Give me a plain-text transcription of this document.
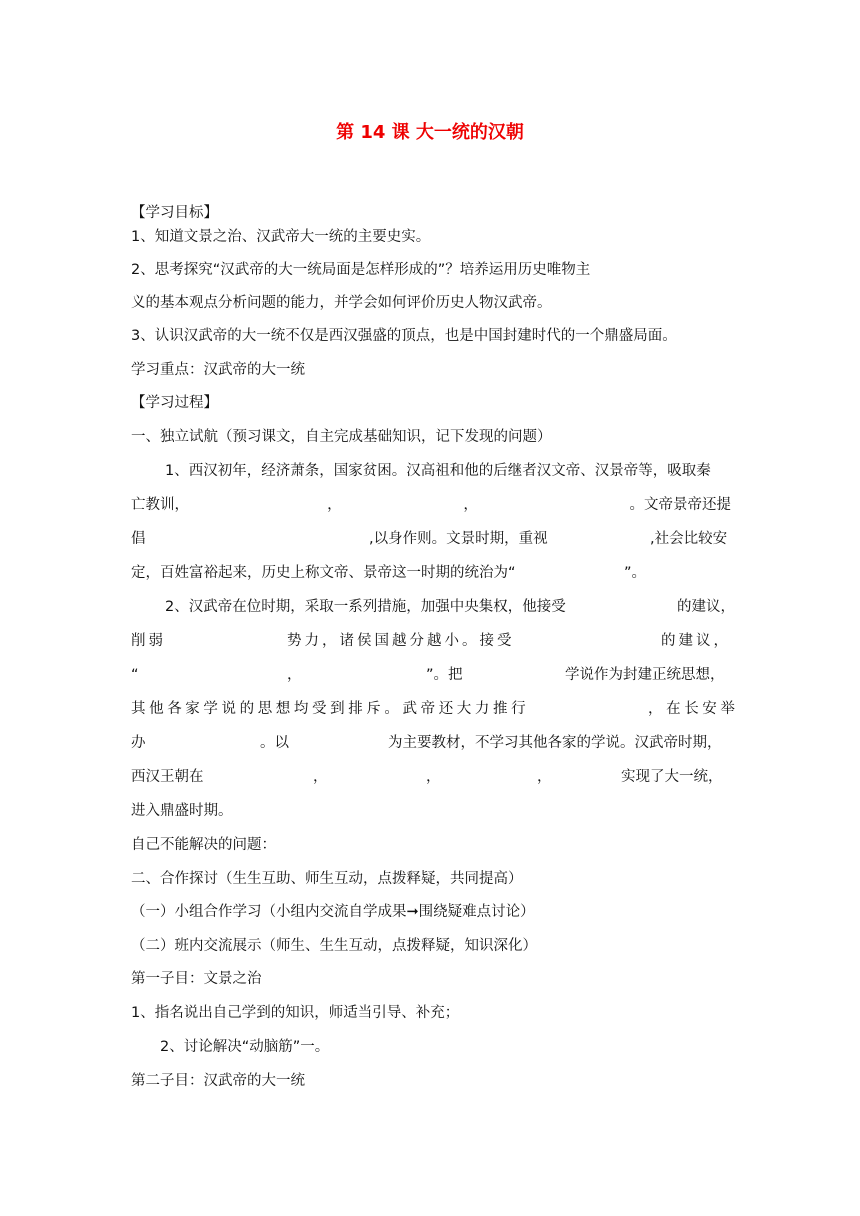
第 14 课 大一统的汉朝
【学习目标】
1、知道文景之治、汉武帝大一统的主要史实。
2、思考探究“汉武帝的大一统局面是怎样形成的”？培养运用历史唯物主
义的基本观点分析问题的能力，并学会如何评价历史人物汉武帝。
3、认识汉武帝的大一统不仅是西汉强盛的顶点，也是中国封建时代的一个鼎盛局面。
学习重点：汉武帝的大一统
【学习过程】
一、独立试航（预习课文，自主完成基础知识，记下发现的问题）
1、西汉初年，经济萧条，国家贫困。汉高祖和他的后继者汉文帝、汉景帝等，吸取秦
亡教训，	，	，	。文帝景帝还提
倡	,以身作则。文景时期，重视	,社会比较安
定，百姓富裕起来，历史上称文帝、景帝这一时期的统治为“	”。
2、汉武帝在位时期，采取一系列措施，加强中央集权，他接受	的建议，
削弱	势力，诸侯国越分越小。接受	的建议，
“	，	”。把	学说作为封建正统思想，
其他各家学说的思想均受到排斥。武帝还大力推行	，在长安举
办	。以	为主要教材，不学习其他各家的学说。汉武帝时期，
西汉王朝在	，	，	，	实现了大一统，
进入鼎盛时期。
自己不能解决的问题：
二、合作探讨（生生互助、师生互动，点拨释疑，共同提高）
（一）小组合作学习（小组内交流自学成果➞围绕疑难点讨论）
（二）班内交流展示（师生、生生互动，点拨释疑，知识深化）
第一子目：文景之治
1、指名说出自己学到的知识，师适当引导、补充；
2、讨论解决“动脑筋”一。
第二子目：汉武帝的大一统
